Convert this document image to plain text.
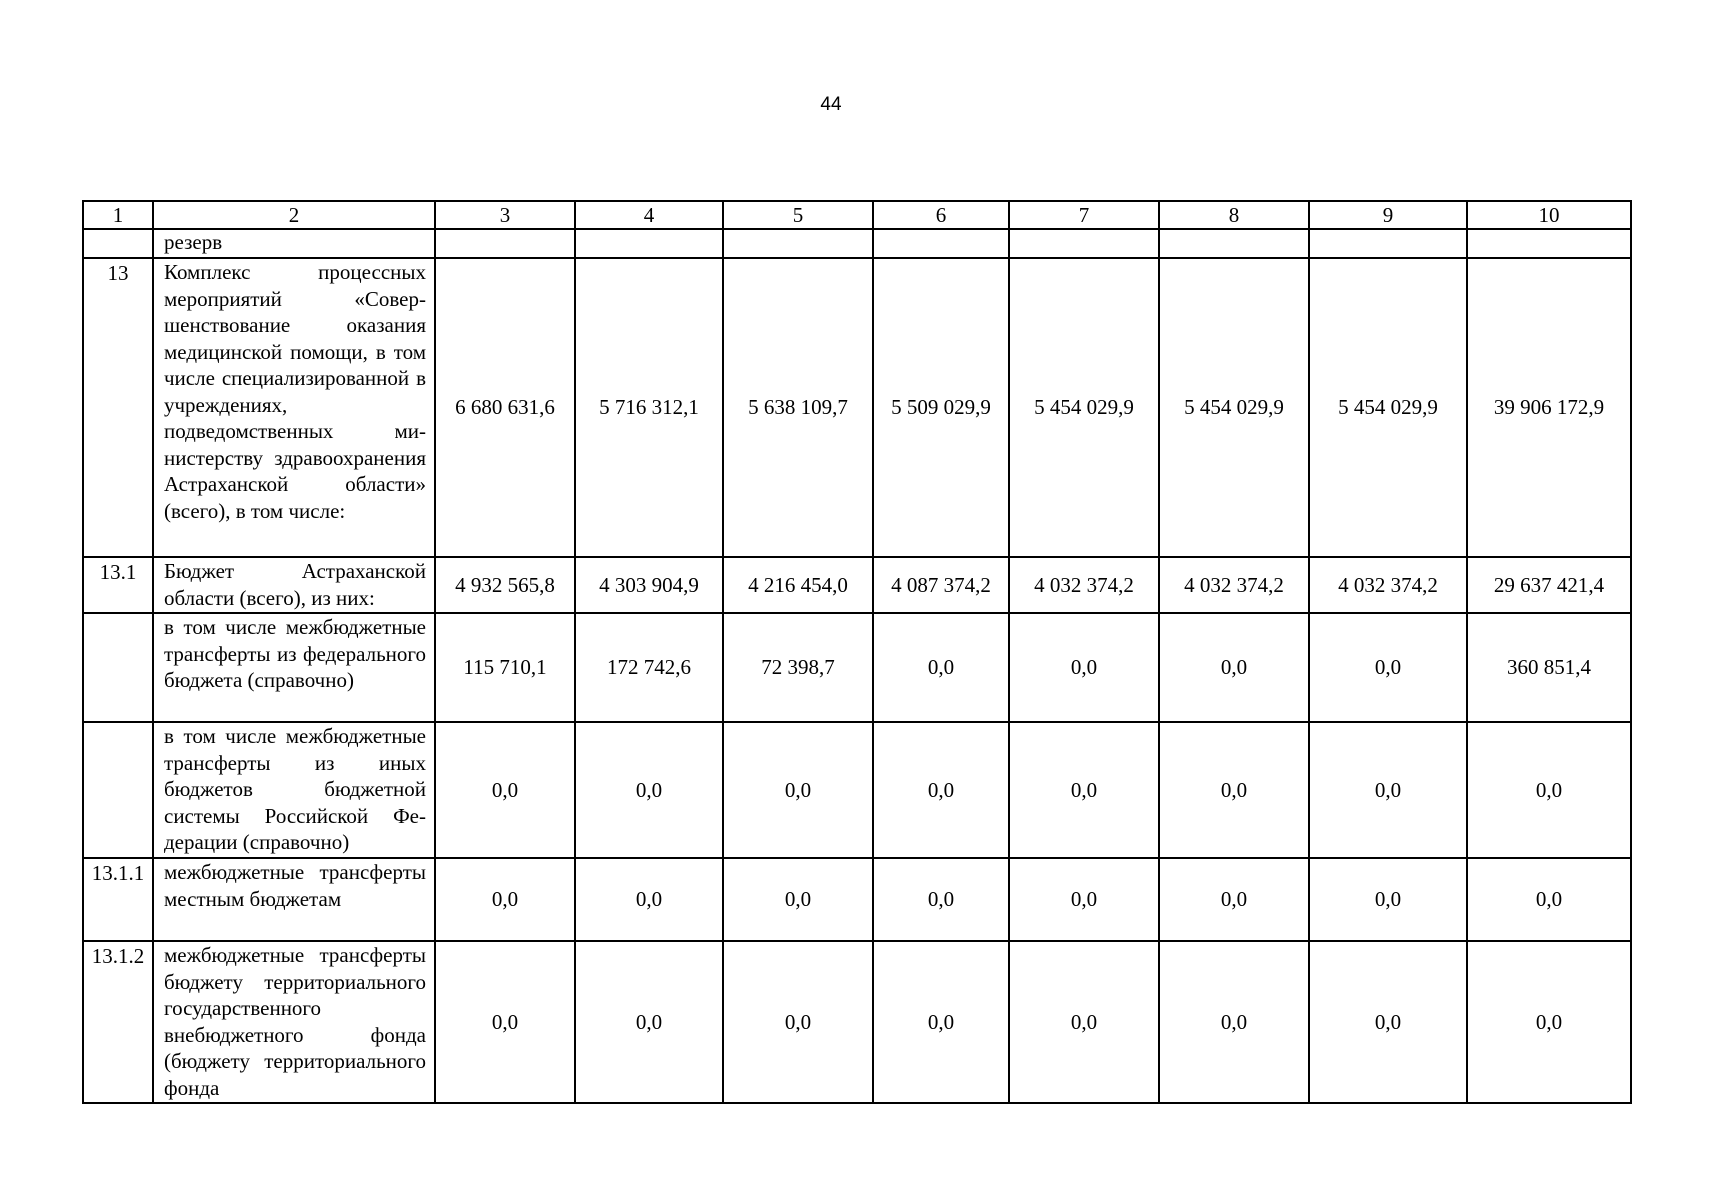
44
1	2	3	4	5	6	7	8	9	10
	резерв								
13	Комплекс процессных мероприятий «Совершенствование оказания медицинской помощи, в том числе специализированной в учреждениях, подведомственных министерству здравоохранения Астраханской области» (всего), в том числе:	6 680 631,6	5 716 312,1	5 638 109,7	5 509 029,9	5 454 029,9	5 454 029,9	5 454 029,9	39 906 172,9
13.1	Бюджет Астраханской области (всего), из них:	4 932 565,8	4 303 904,9	4 216 454,0	4 087 374,2	4 032 374,2	4 032 374,2	4 032 374,2	29 637 421,4
	в том числе межбюджетные трансферты из федерального бюджета (справочно)	115 710,1	172 742,6	72 398,7	0,0	0,0	0,0	0,0	360 851,4
	в том числе межбюджетные трансферты из иных бюджетов бюджетной системы Российской Федерации (справочно)	0,0	0,0	0,0	0,0	0,0	0,0	0,0	0,0
13.1.1	межбюджетные трансферты местным бюджетам	0,0	0,0	0,0	0,0	0,0	0,0	0,0	0,0
13.1.2	межбюджетные трансферты бюджету территориального государственного внебюджетного фонда (бюджету территориального фонда	0,0	0,0	0,0	0,0	0,0	0,0	0,0	0,0
